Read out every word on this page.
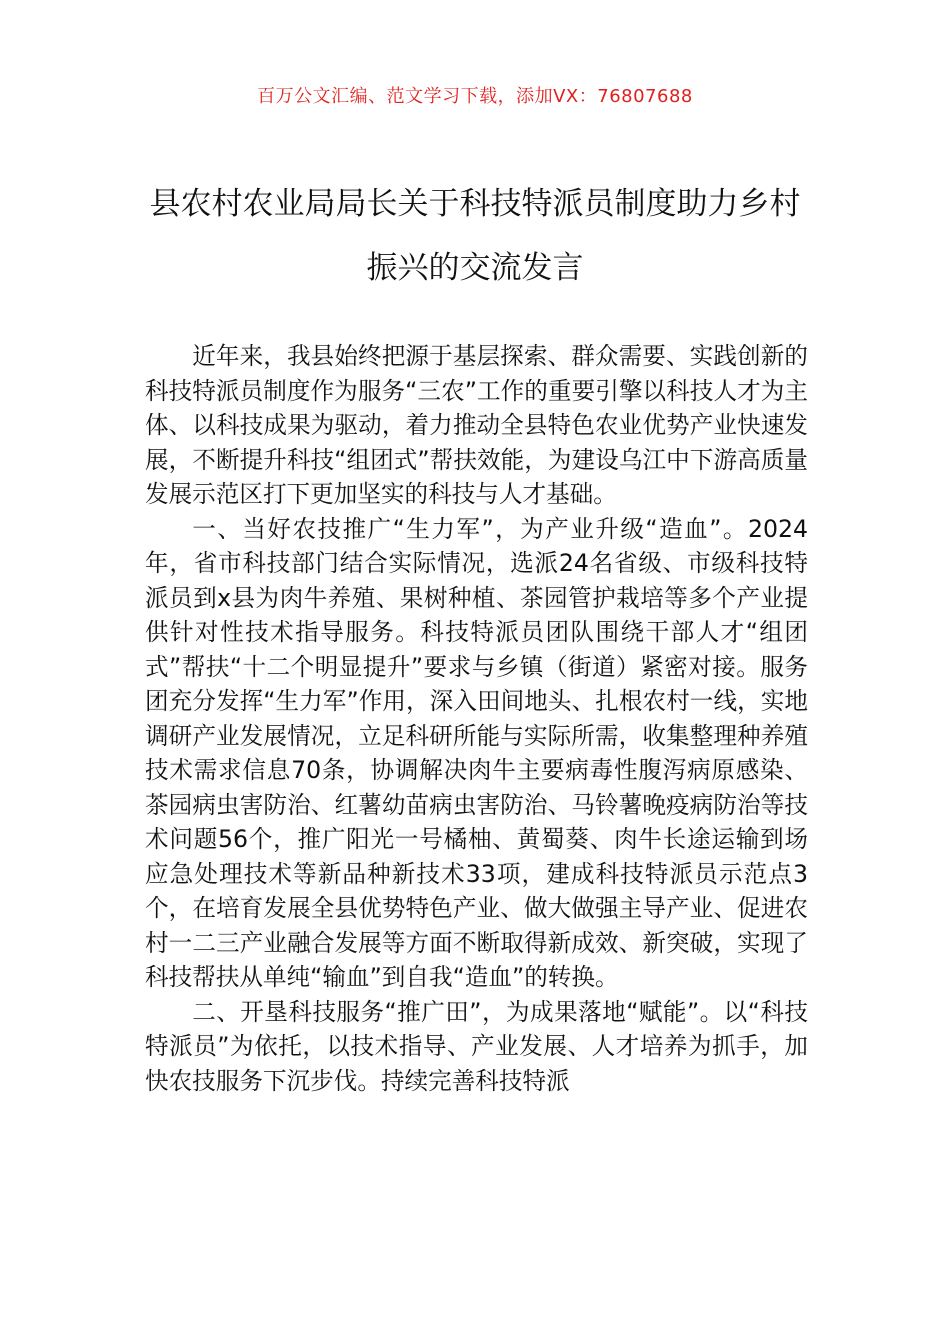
百万公文汇编、范文学习下载，添加VX：76807688
县农村农业局局长关于科技特派员制度助力乡村振兴的交流发言

近年来，我县始终把源于基层探索、群众需要、实践创新的科技特派员制度作为服务“三农”工作的重要引擎以科技人才为主体、以科技成果为驱动，着力推动全县特色农业优势产业快速发展，不断提升科技“组团式”帮扶效能，为建设乌江中下游高质量发展示范区打下更加坚实的科技与人才基础。

一、当好农技推广“生力军”，为产业升级“造血”。2024年，省市科技部门结合实际情况，选派24名省级、市级科技特派员到x县为肉牛养殖、果树种植、茶园管护栽培等多个产业提供针对性技术指导服务。科技特派员团队围绕干部人才“组团式”帮扶“十二个明显提升”要求与乡镇（街道）紧密对接。服务团充分发挥“生力军”作用，深入田间地头、扎根农村一线，实地调研产业发展情况，立足科研所能与实际所需，收集整理种养殖技术需求信息70条，协调解决肉牛主要病毒性腹泻病原感染、茶园病虫害防治、红薯幼苗病虫害防治、马铃薯晚疫病防治等技术问题56个，推广阳光一号橘柚、黄蜀葵、肉牛长途运输到场应急处理技术等新品种新技术33项，建成科技特派员示范点3个，在培育发展全县优势特色产业、做大做强主导产业、促进农村一二三产业融合发展等方面不断取得新成效、新突破，实现了科技帮扶从单纯“输血”到自我“造血”的转换。

二、开垦科技服务“推广田”，为成果落地“赋能”。以“科技特派员”为依托，以技术指导、产业发展、人才培养为抓手，加快农技服务下沉步伐。持续完善科技特派
